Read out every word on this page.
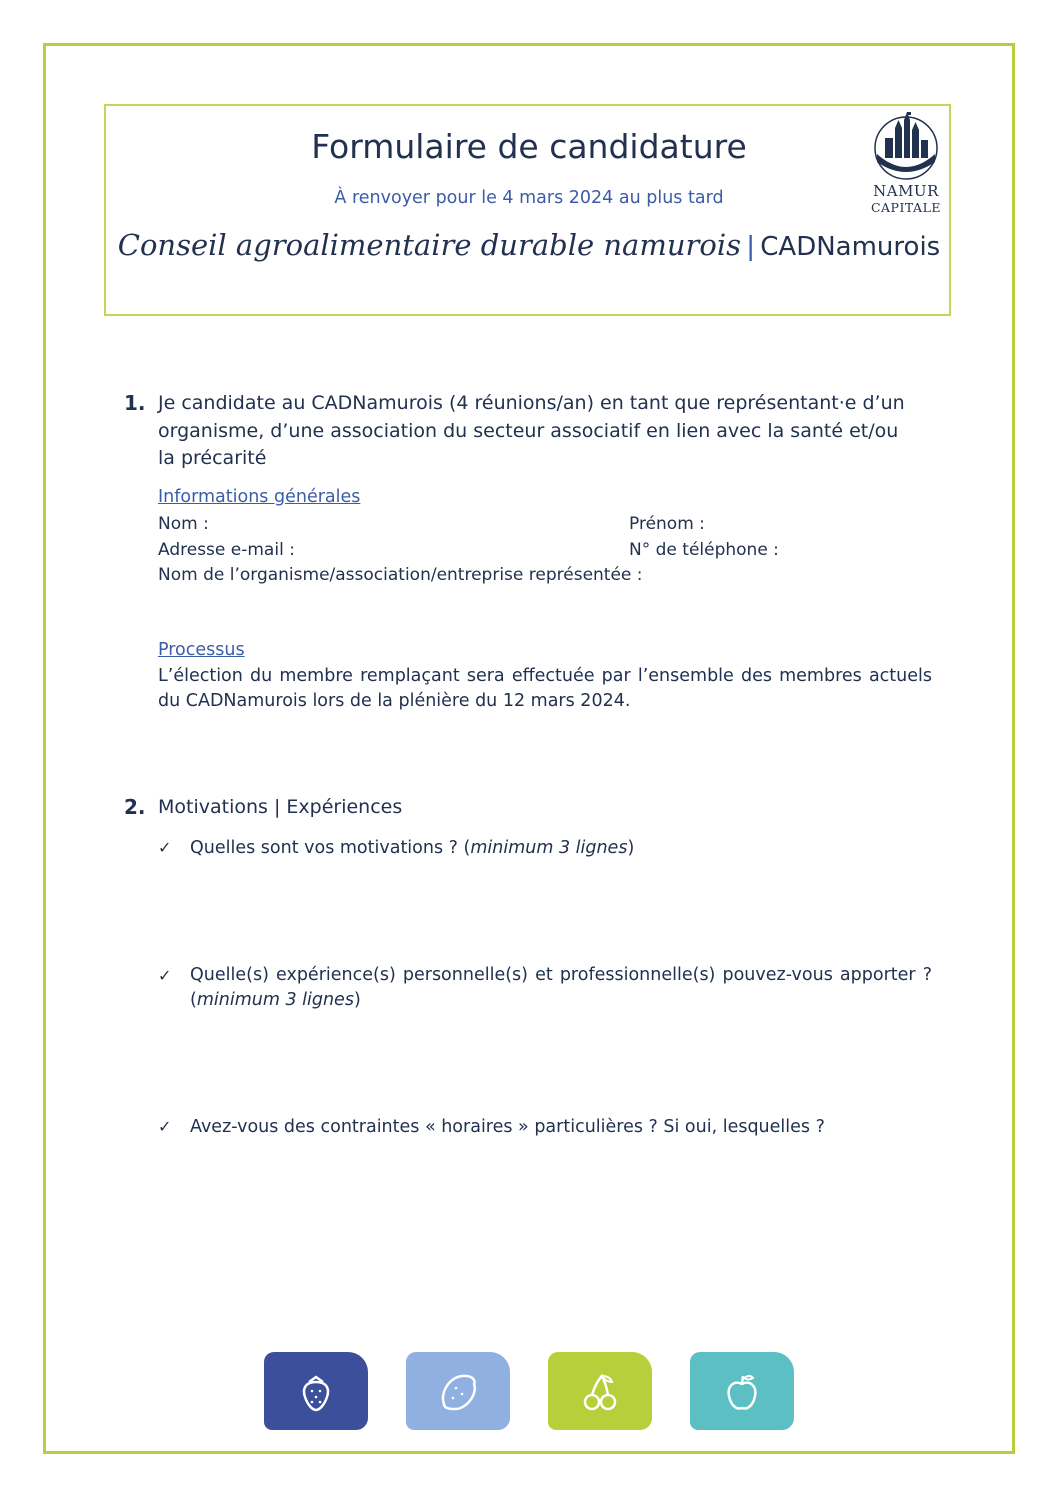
Formulaire de candidature
À renvoyer pour le 4 mars 2024 au plus tard
Conseil agroalimentaire durable namurois | CADNamurois
NAMUR
CAPITALE
1. Je candidate au CADNamurois (4 réunions/an) en tant que représentant·e d’un organisme, d’une association du secteur associatif en lien avec la santé et/ou la précarité
Informations générales
Nom :	Prénom :
Adresse e-mail :	N° de téléphone :
Nom de l’organisme/association/entreprise représentée :
Processus
L’élection du membre remplaçant sera effectuée par l’ensemble des membres actuels du CADNamurois lors de la plénière du 12 mars 2024.
2. Motivations | Expériences
✓ Quelles sont vos motivations ? (minimum 3 lignes)
✓ Quelle(s) expérience(s) personnelle(s) et professionnelle(s) pouvez-vous apporter ? (minimum 3 lignes)
✓ Avez-vous des contraintes « horaires » particulières ? Si oui, lesquelles ?
